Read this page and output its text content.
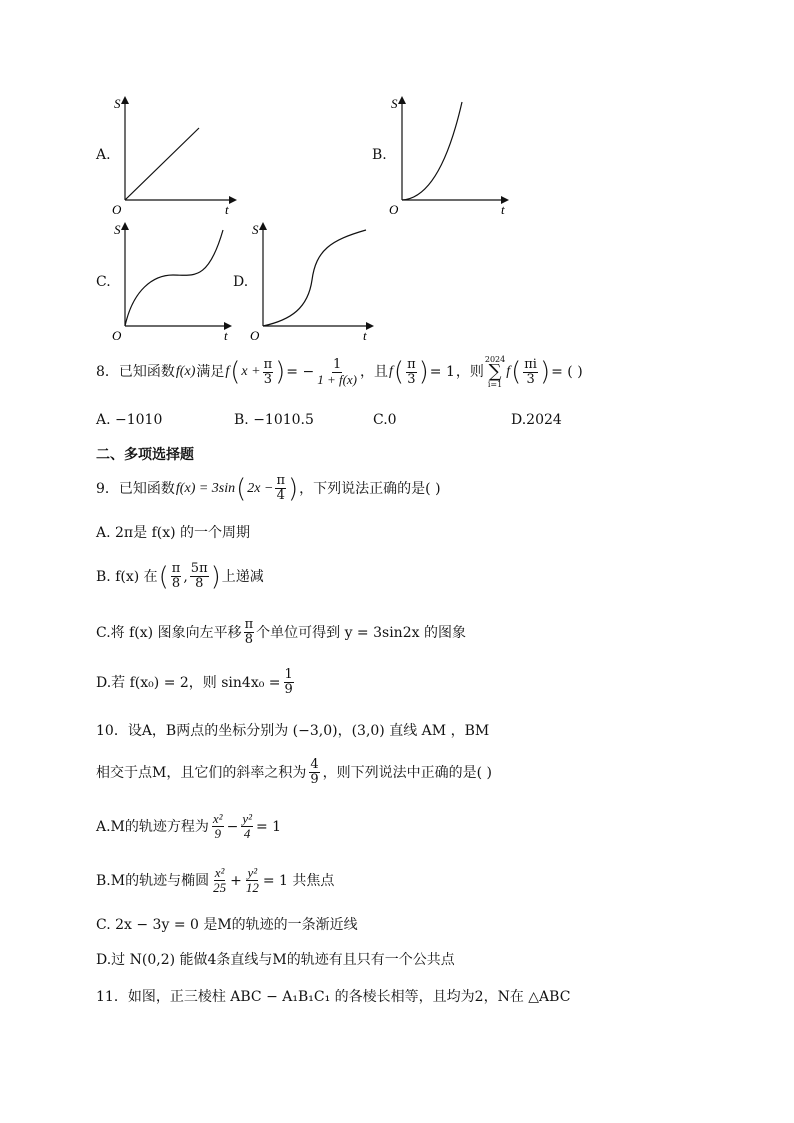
A.
S
O	t
B.
S
O	t
C.
S
O	t
D.
S
O	t
8．已知函数 f(x) 满足 f ( $x + \frac{\pi}{3}$ ) = − $\frac{1}{1 + f(x)}$ ，且 f ( $\frac{\pi}{3}$ ) = 1 ，则
2024
∑
i=1
f ( $\frac{\pi i}{3}$ ) = ( )
A. −1010	B. −1010.5	C.0	D.2024
二、多项选择题
9．已知函数 f(x) = 3sin ( $2x - \frac{\pi}{4}$ ) ，下列说法正确的是( )
A. 2π是 f(x) 的一个周期
B. f(x) 在 ( $\frac{\pi}{8}$ , $\frac{5\pi}{8}$ ) 上递减
C.将 f(x) 图象向左平移 $\frac{\pi}{8}$ 个单位可得到 y = 3sin2x 的图象
D.若 f(x₀) = 2，则 $\sin 4x_0 = \frac{1}{9}$
10．设A，B两点的坐标分别为 (−3,0)，(3,0) 直线 AM ，BM
相交于点M，且它们的斜率之积为 $\frac{4}{9}$ ，则下列说法中正确的是( )
A.M的轨迹方程为 $\frac{\text{x²}}{9} - \frac{\text{y²}}{4} = 1$
B.M的轨迹与椭圆 $\frac{\text{x²}}{25} + \frac{\text{y²}}{12} = 1$ 共焦点
C. 2x − 3y = 0 是M的轨迹的一条渐近线
D.过 N(0,2) 能做4条直线与M的轨迹有且只有一个公共点
11．如图，正三棱柱 ABC − A₁B₁C₁ 的各棱长相等，且均为2，N在 △ABC
